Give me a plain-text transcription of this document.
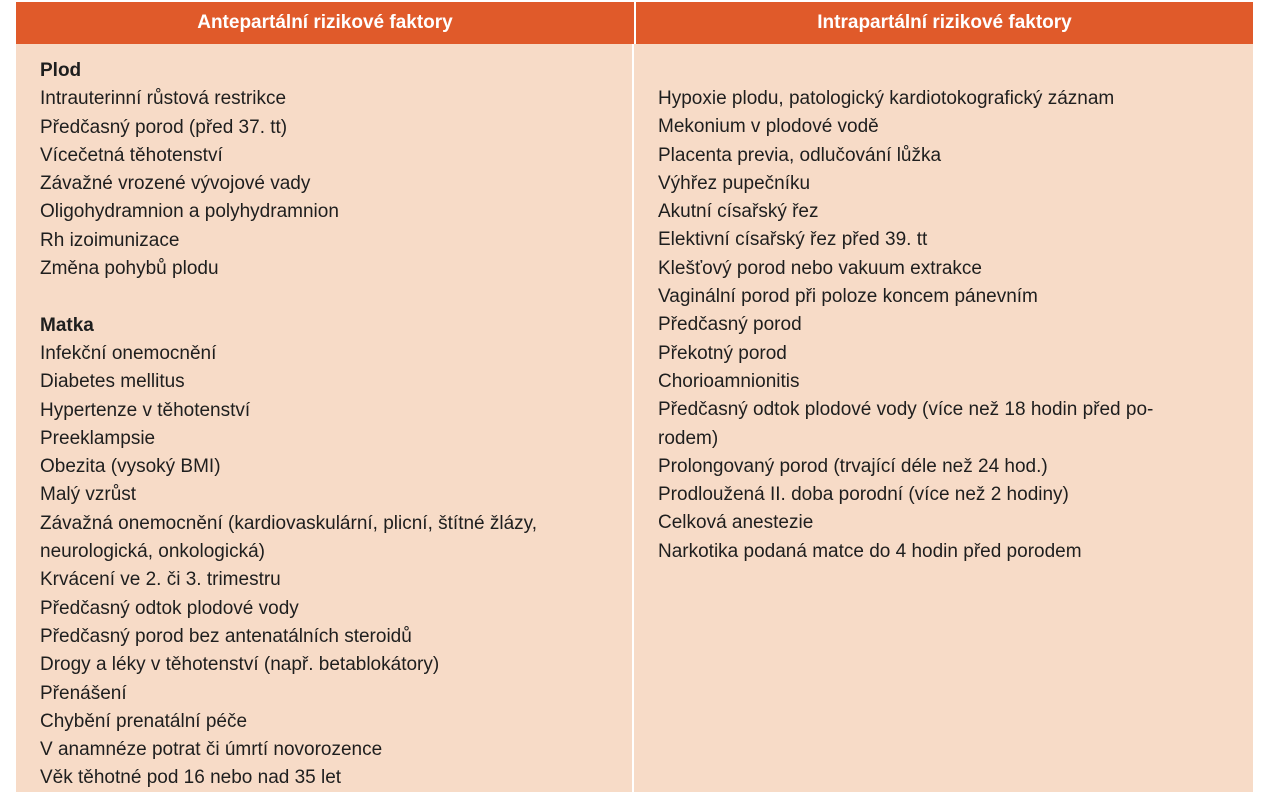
Antepartální rizikové faktory	Intrapartální rizikové faktory
Plod
Intrauterinní růstová restrikce
Předčasný porod (před 37. tt)
Vícečetná těhotenství
Závažné vrozené vývojové vady
Oligohydramnion a polyhydramnion
Rh izoimunizace
Změna pohybů plodu
Matka
Infekční onemocnění
Diabetes mellitus
Hypertenze v těhotenství
Preeklampsie
Obezita (vysoký BMI)
Malý vzrůst
Závažná onemocnění (kardiovaskulární, plicní, štítné žlázy,
neurologická, onkologická)
Krvácení ve 2. či 3. trimestru
Předčasný odtok plodové vody
Předčasný porod bez antenatálních steroidů
Drogy a léky v těhotenství (např. betablokátory)
Přenášení
Chybění prenatální péče
V anamnéze potrat či úmrtí novorozence
Věk těhotné pod 16 nebo nad 35 let
Hypoxie plodu, patologický kardiotokografický záznam
Mekonium v plodové vodě
Placenta previa, odlučování lůžka
Výhřez pupečníku
Akutní císařský řez
Elektivní císařský řez před 39. tt
Klešťový porod nebo vakuum extrakce
Vaginální porod při poloze koncem pánevním
Předčasný porod
Překotný porod
Chorioamnionitis
Předčasný odtok plodové vody (více než 18 hodin před po-
rodem)
Prolongovaný porod (trvající déle než 24 hod.)
Prodloužená II. doba porodní (více než 2 hodiny)
Celková anestezie
Narkotika podaná matce do 4 hodin před porodem
